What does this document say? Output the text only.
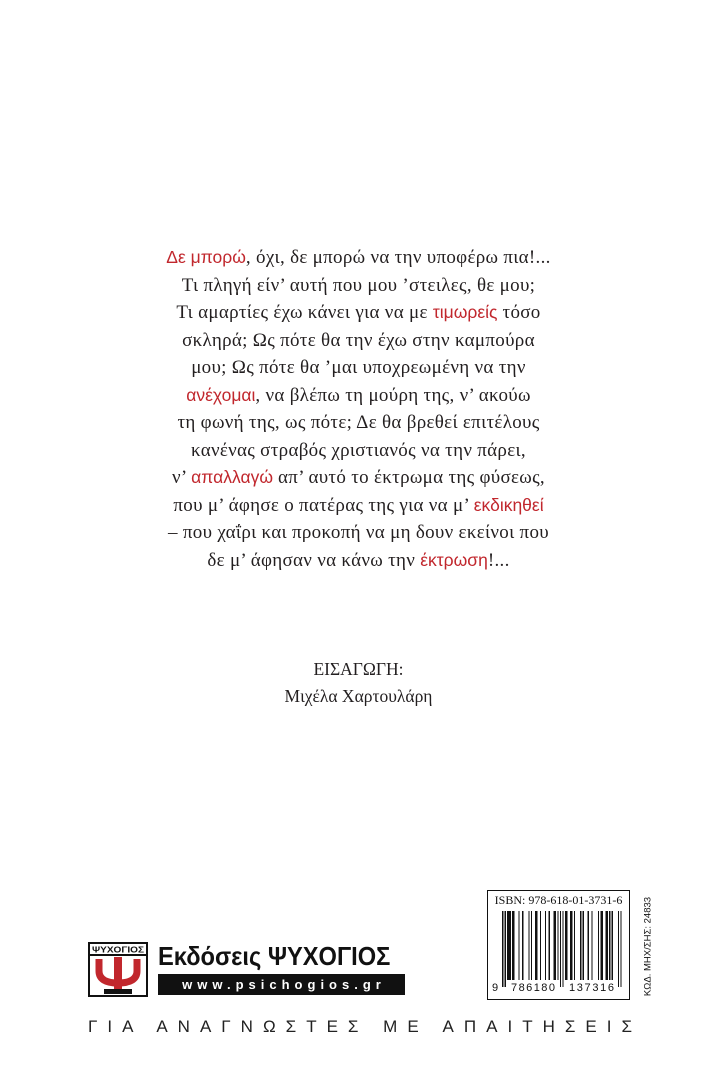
Δε μπορώ, όχι, δε μπορώ να την υποφέρω πια!...
Τι πληγή είν’ αυτή που μου ’στειλες, θε μου;
Τι αμαρτίες έχω κάνει για να με τιμωρείς τόσο
σκληρά; Ως πότε θα την έχω στην καμπούρα
μου; Ως πότε θα ’μαι υποχρεωμένη να την
ανέχομαι, να βλέπω τη μούρη της, ν’ ακούω
τη φωνή της, ως πότε; Δε θα βρεθεί επιτέλους
κανένας στραβός χριστιανός να την πάρει,
ν’ απαλλαγώ απ’ αυτό το έκτρωμα της φύσεως,
που μ’ άφησε ο πατέρας της για να μ’ εκδικηθεί
– που χαΐρι και προκοπή να μη δουν εκείνοι που
δε μ’ άφησαν να κάνω την έκτρωση!...
ΕΙΣΑΓΩΓΗ:
Μιχέλα Χαρτουλάρη
ISBN: 978-618-01-3731-6
9 786180 137316	ΚΩΔ. ΜΗΧ/ΣΗΣ: 24833
ΨΥΧΟΓΙΟΣ Εκδόσεις ΨΥΧΟΓΙΟΣ
www.psichogios.gr
ΓΙΑ ΑΝΑΓΝΩΣΤΕΣ ΜΕ ΑΠΑΙΤΗΣΕΙΣ
